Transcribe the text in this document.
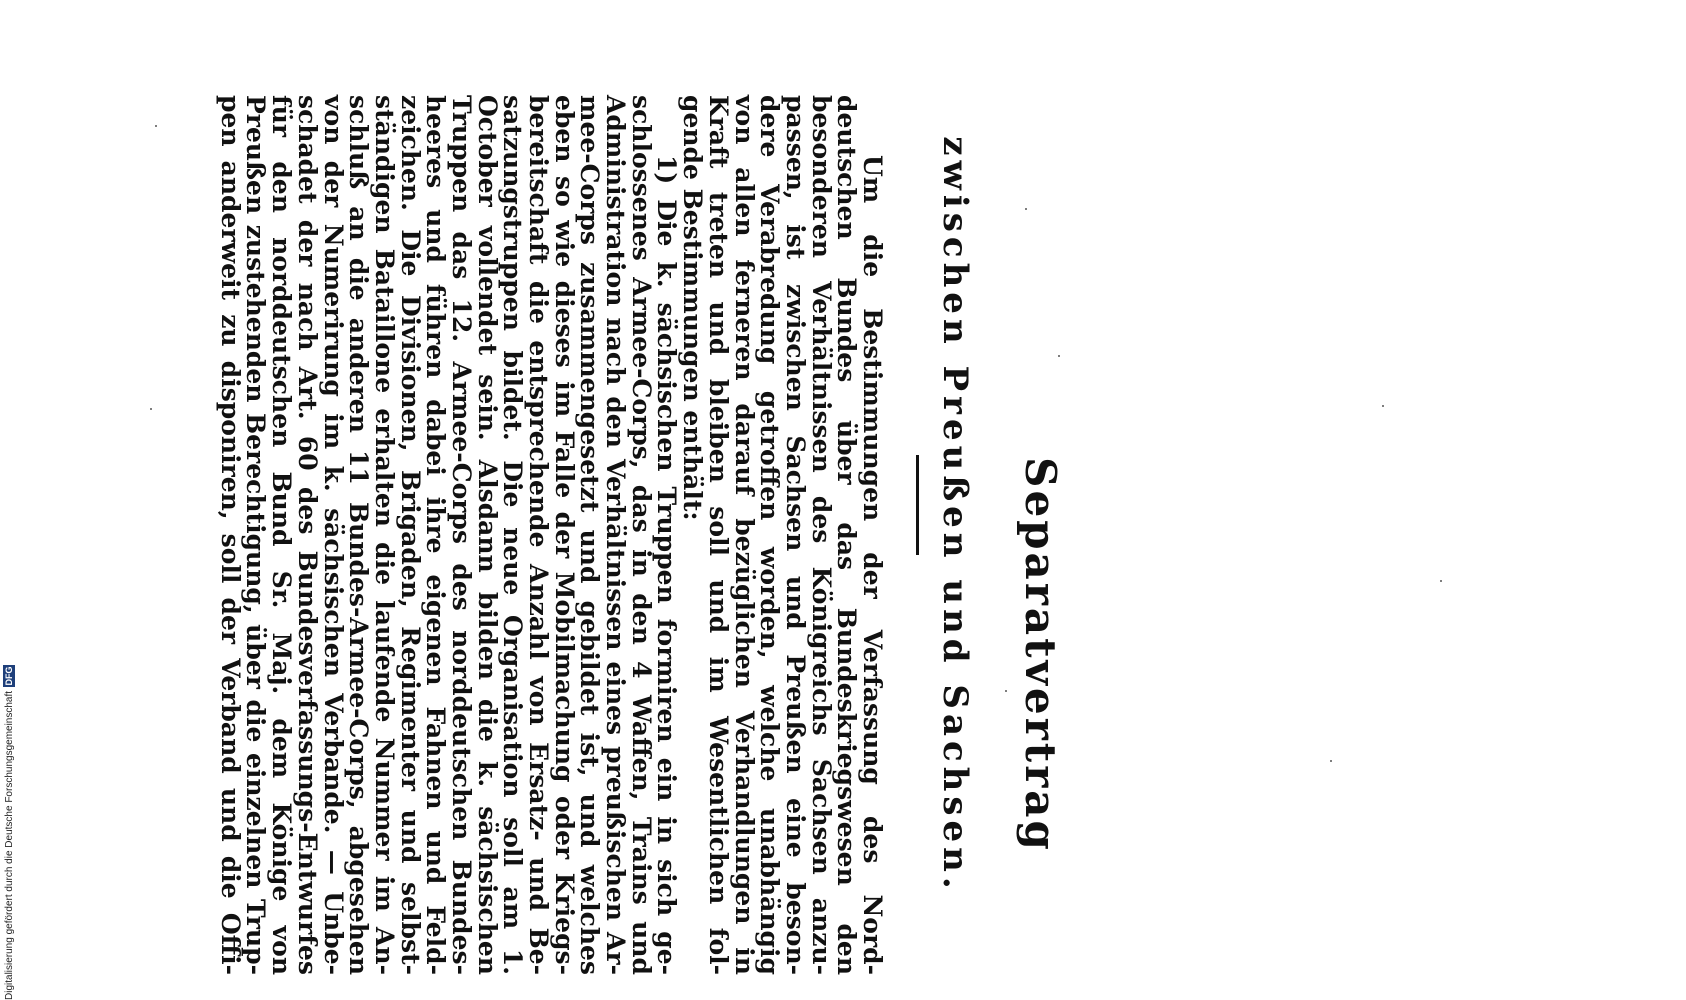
Separatvertrag
zwischen Preußen und Sachsen.
Um die Bestimmungen der Verfassung des Nord-
deutschen Bundes über das Bundeskriegswesen den
besonderen Verhältnissen des Königreichs Sachsen anzu-
passen, ist zwischen Sachsen und Preußen eine beson-
dere Verabredung getroffen worden, welche unabhängig
von allen ferneren darauf bezüglichen Verhandlungen in
Kraft treten und bleiben soll und im Wesentlichen fol-
gende Bestimmungen enthält:
1) Die k. sächsischen Truppen formiren ein in sich ge-
schlossenes Armee-Corps, das in den 4 Waffen, Trains und
Administration nach den Verhältnissen eines preußischen Ar-
mee-Corps zusammengesetzt und gebildet ist, und welches
eben so wie dieses im Falle der Mobilmachung oder Kriegs-
bereitschaft die entsprechende Anzahl von Ersatz- und Be-
satzungstruppen bildet. Die neue Organisation soll am 1.
October vollendet sein. Alsdann bilden die k. sächsischen
Truppen das 12. Armee-Corps des norddeutschen Bundes-
heeres und führen dabei ihre eigenen Fahnen und Feld-
zeichen. Die Divisionen, Brigaden, Regimenter und selbst-
ständigen Bataillone erhalten die laufende Nummer im An-
schluß an die anderen 11 Bundes-Armee-Corps, abgesehen
von der Numerirung im k. sächsischen Verbande. — Unbe-
schadet der nach Art. 60 des Bundesverfassungs-Entwurfes
für den norddeutschen Bund Sr. Maj. dem Könige von
Preußen zustehenden Berechtigung, über die einzelnen Trup-
pen anderweit zu disponiren, soll der Verband und die Offi-
Digitalisierung gefördert durch die Deutsche Forschungsgemeinschaft
DFG
